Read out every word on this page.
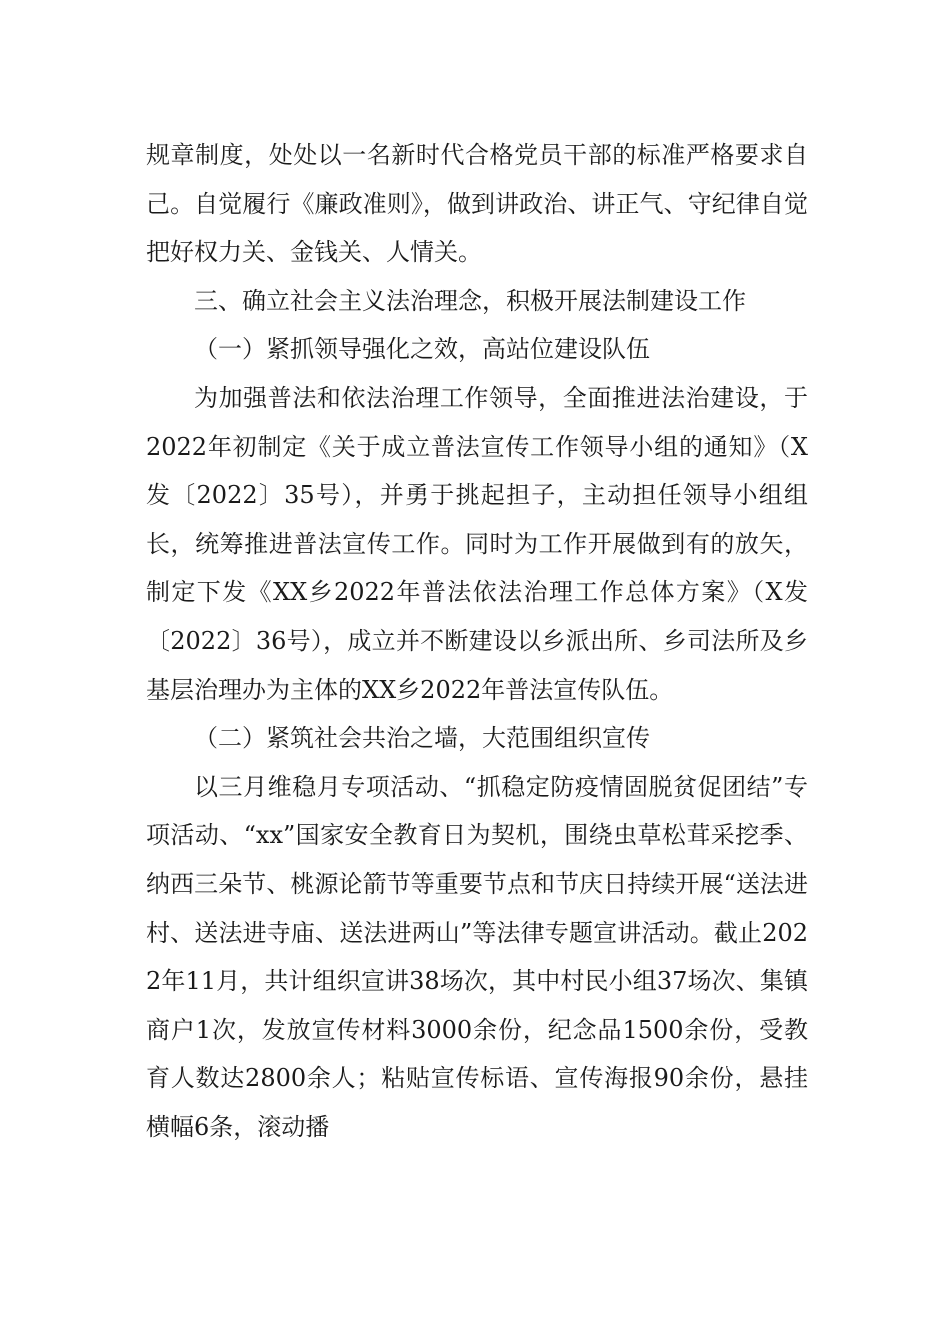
规章制度，处处以一名新时代合格党员干部的标准严格要求自己。自觉履行《廉政准则》，做到讲政治、讲正气、守纪律自觉把好权力关、金钱关、人情关。

三、确立社会主义法治理念，积极开展法制建设工作

（一）紧抓领导强化之效，高站位建设队伍

为加强普法和依法治理工作领导，全面推进法治建设，于2022年初制定《关于成立普法宣传工作领导小组的通知》（X发〔2022〕35号），并勇于挑起担子，主动担任领导小组组长，统筹推进普法宣传工作。同时为工作开展做到有的放矢，制定下发《XX乡2022年普法依法治理工作总体方案》（X发〔2022〕36号），成立并不断建设以乡派出所、乡司法所及乡基层治理办为主体的XX乡2022年普法宣传队伍。

（二）紧筑社会共治之墙，大范围组织宣传

以三月维稳月专项活动、“抓稳定防疫情固脱贫促团结”专项活动、“xx”国家安全教育日为契机，围绕虫草松茸采挖季、纳西三朵节、桃源论箭节等重要节点和节庆日持续开展“送法进村、送法进寺庙、送法进两山”等法律专题宣讲活动。截止2022年11月，共计组织宣讲38场次，其中村民小组37场次、集镇商户1次，发放宣传材料3000余份，纪念品1500余份，受教育人数达2800余人；粘贴宣传标语、宣传海报90余份，悬挂横幅6条，滚动播
